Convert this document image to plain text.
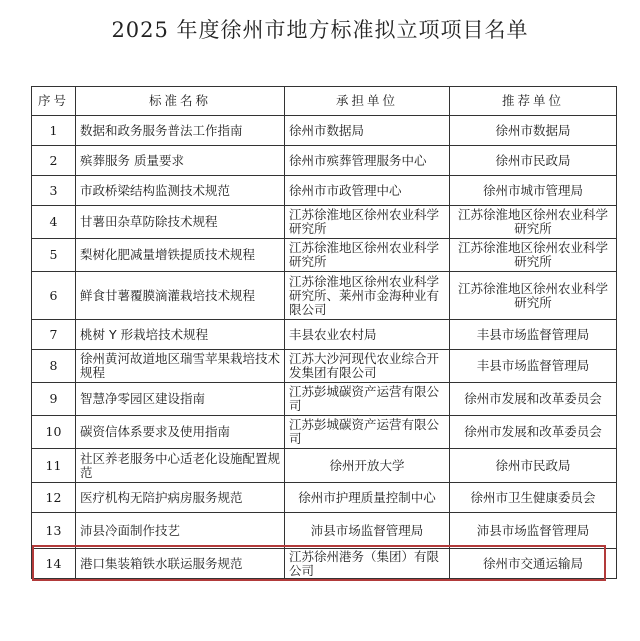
2025 年度徐州市地方标准拟立项项目名单
序号	标准名称	承担单位	推荐单位
1	数据和政务服务普法工作指南	徐州市数据局	徐州市数据局
2	殡葬服务 质量要求	徐州市殡葬管理服务中心	徐州市民政局
3	市政桥梁结构监测技术规范	徐州市市政管理中心	徐州市城市管理局
4	甘薯田杂草防除技术规程	江苏徐淮地区徐州农业科学研究所	江苏徐淮地区徐州农业科学研究所
5	梨树化肥减量增铁提质技术规程	江苏徐淮地区徐州农业科学研究所	江苏徐淮地区徐州农业科学研究所
6	鲜食甘薯覆膜滴灌栽培技术规程	江苏徐淮地区徐州农业科学研究所、莱州市金海种业有限公司	江苏徐淮地区徐州农业科学研究所
7	桃树 Y 形栽培技术规程	丰县农业农村局	丰县市场监督管理局
8	徐州黄河故道地区瑞雪苹果栽培技术规程	江苏大沙河现代农业综合开发集团有限公司	丰县市场监督管理局
9	智慧净零园区建设指南	江苏彭城碳资产运营有限公司	徐州市发展和改革委员会
10	碳资信体系要求及使用指南	江苏彭城碳资产运营有限公司	徐州市发展和改革委员会
11	社区养老服务中心适老化设施配置规范	徐州开放大学	徐州市民政局
12	医疗机构无陪护病房服务规范	徐州市护理质量控制中心	徐州市卫生健康委员会
13	沛县冷面制作技艺	沛县市场监督管理局	沛县市场监督管理局
14	港口集装箱铁水联运服务规范	江苏徐州港务（集团）有限公司	徐州市交通运输局
